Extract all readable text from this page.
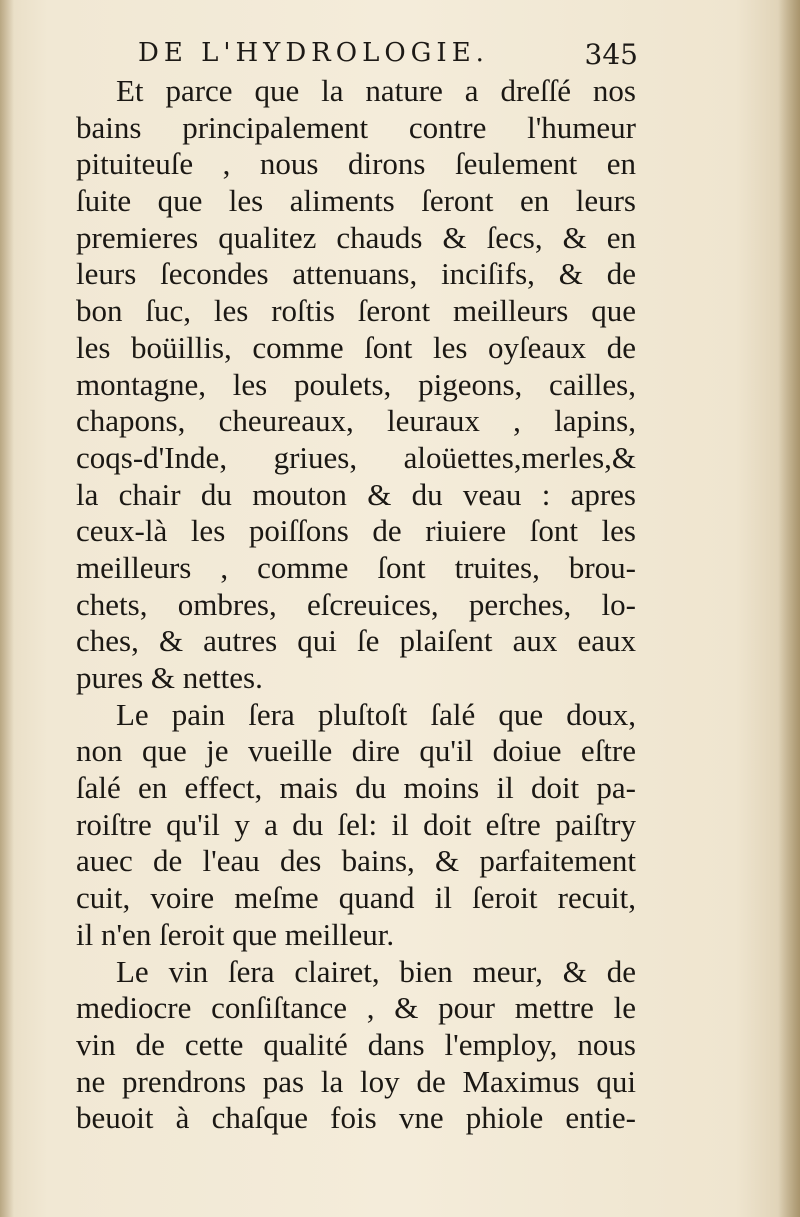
DE L'HYDROLOGIE.	345
Et parce que la nature a dreſſé nos
bains principalement contre l'humeur
pituiteuſe , nous dirons ſeulement en
ſuite que les aliments ſeront en leurs
premieres qualitez chauds & ſecs, & en
leurs ſecondes attenuans, inciſifs, & de
bon ſuc, les roſtis ſeront meilleurs que
les boüillis, comme ſont les oyſeaux de
montagne, les poulets, pigeons, cailles,
chapons, cheureaux, leuraux , lapins,
coqs-d'Inde, griues, aloüettes,merles,&
la chair du mouton & du veau : apres
ceux-là les poiſſons de riuiere ſont les
meilleurs , comme ſont truites, brou-
chets, ombres, eſcreuices, perches, lo-
ches, & autres qui ſe plaiſent aux eaux
pures & nettes.
Le pain ſera pluſtoſt ſalé que doux,
non que je vueille dire qu'il doiue eſtre
ſalé en effect, mais du moins il doit pa-
roiſtre qu'il y a du ſel: il doit eſtre paiſtry
auec de l'eau des bains, & parfaitement
cuit, voire meſme quand il ſeroit recuit,
il n'en ſeroit que meilleur.
Le vin ſera clairet, bien meur, & de
mediocre conſiſtance , & pour mettre le
vin de cette qualité dans l'employ, nous
ne prendrons pas la loy de Maximus qui
beuoit à chaſque fois vne phiole entie-
